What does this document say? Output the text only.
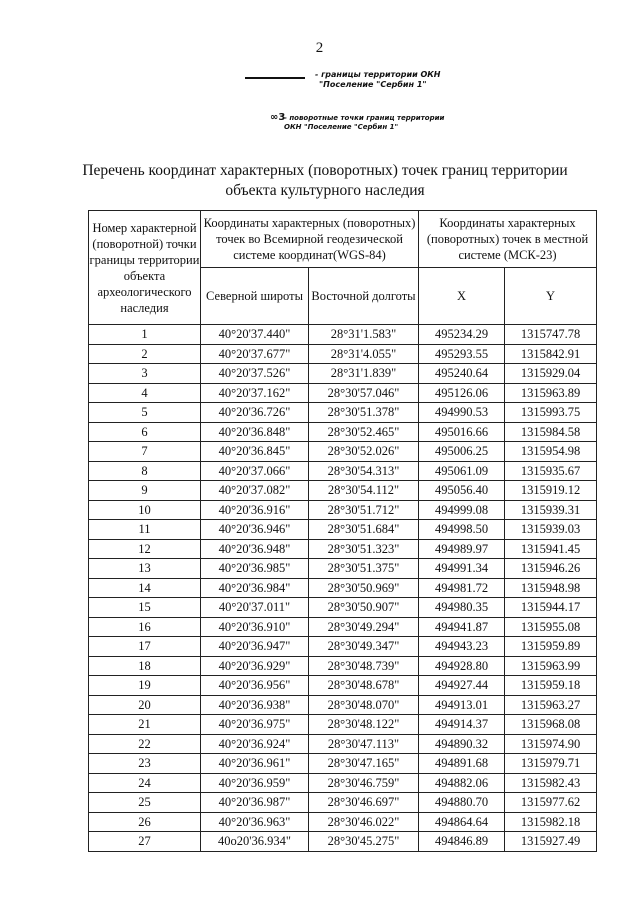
2
- границы территории ОКН
"Поселение "Сербин 1"
∞3
- поворотные точки границ территории
ОКН "Поселение "Сербин 1"
Перечень координат характерных (поворотных) точек границ территории
объекта культурного наследия
Номер характерной (поворотной) точки границы территории объекта археологического наследия	Координаты характерных (поворотных) точек во Всемирной геодезической системе координат(WGS-84)		Координаты характерных (поворотных) точек в местной системе (МСК-23)	
	Северной широты	Восточной долготы	X	Y
1	40°20'37.440"	28°31'1.583"	495234.29	1315747.78
2	40°20'37.677"	28°31'4.055"	495293.55	1315842.91
3	40°20'37.526"	28°31'1.839"	495240.64	1315929.04
4	40°20'37.162"	28°30'57.046"	495126.06	1315963.89
5	40°20'36.726"	28°30'51.378"	494990.53	1315993.75
6	40°20'36.848"	28°30'52.465"	495016.66	1315984.58
7	40°20'36.845"	28°30'52.026"	495006.25	1315954.98
8	40°20'37.066"	28°30'54.313"	495061.09	1315935.67
9	40°20'37.082"	28°30'54.112"	495056.40	1315919.12
10	40°20'36.916"	28°30'51.712"	494999.08	1315939.31
11	40°20'36.946"	28°30'51.684"	494998.50	1315939.03
12	40°20'36.948"	28°30'51.323"	494989.97	1315941.45
13	40°20'36.985"	28°30'51.375"	494991.34	1315946.26
14	40°20'36.984"	28°30'50.969"	494981.72	1315948.98
15	40°20'37.011"	28°30'50.907"	494980.35	1315944.17
16	40°20'36.910"	28°30'49.294"	494941.87	1315955.08
17	40°20'36.947"	28°30'49.347"	494943.23	1315959.89
18	40°20'36.929"	28°30'48.739"	494928.80	1315963.99
19	40°20'36.956"	28°30'48.678"	494927.44	1315959.18
20	40°20'36.938"	28°30'48.070"	494913.01	1315963.27
21	40°20'36.975"	28°30'48.122"	494914.37	1315968.08
22	40°20'36.924"	28°30'47.113"	494890.32	1315974.90
23	40°20'36.961"	28°30'47.165"	494891.68	1315979.71
24	40°20'36.959"	28°30'46.759"	494882.06	1315982.43
25	40°20'36.987"	28°30'46.697"	494880.70	1315977.62
26	40°20'36.963"	28°30'46.022"	494864.64	1315982.18
27	40о20'36.934"	28°30'45.275"	494846.89	1315927.49
